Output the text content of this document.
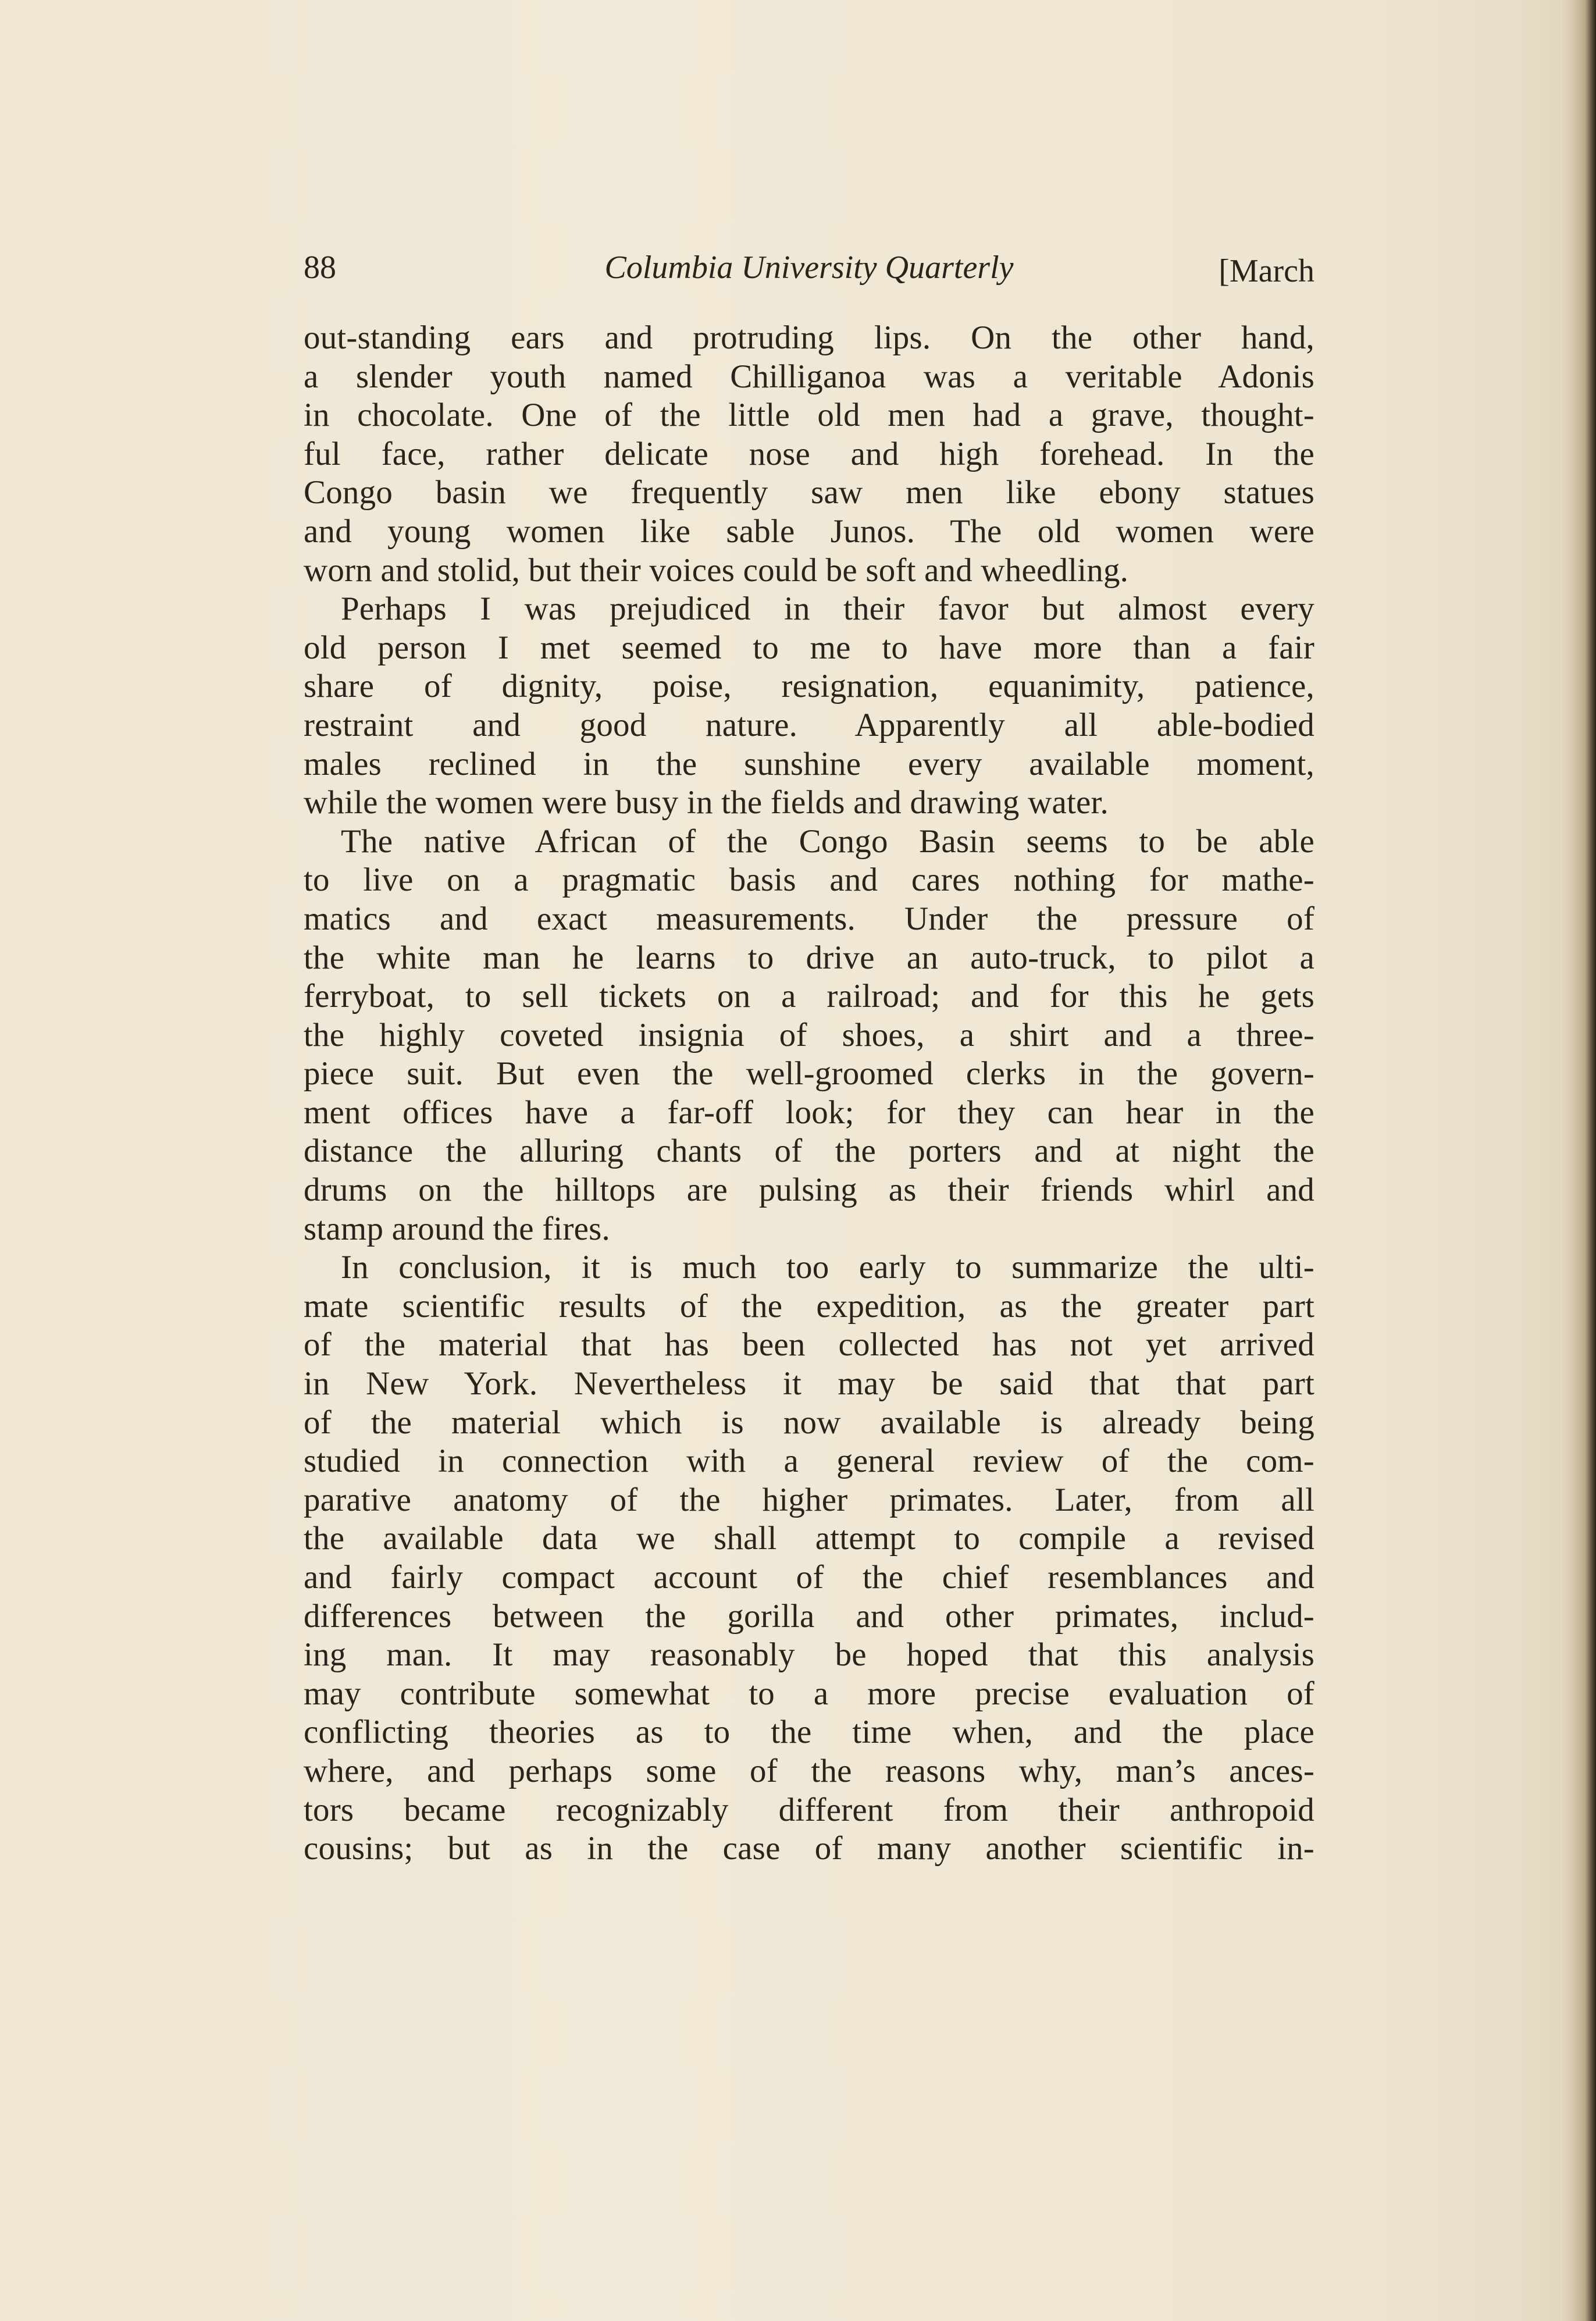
88	Columbia University Quarterly	[March
out-standing ears and protruding lips. On the other hand,
a slender youth named Chilliganoa was a veritable Adonis
in chocolate. One of the little old men had a grave, thought-
ful face, rather delicate nose and high forehead. In the
Congo basin we frequently saw men like ebony statues
and young women like sable Junos. The old women were
worn and stolid, but their voices could be soft and wheedling.
Perhaps I was prejudiced in their favor but almost every
old person I met seemed to me to have more than a fair
share of dignity, poise, resignation, equanimity, patience,
restraint and good nature. Apparently all able-bodied
males reclined in the sunshine every available moment,
while the women were busy in the fields and drawing water.
The native African of the Congo Basin seems to be able
to live on a pragmatic basis and cares nothing for mathe-
matics and exact measurements. Under the pressure of
the white man he learns to drive an auto-truck, to pilot a
ferryboat, to sell tickets on a railroad; and for this he gets
the highly coveted insignia of shoes, a shirt and a three-
piece suit. But even the well-groomed clerks in the govern-
ment offices have a far-off look; for they can hear in the
distance the alluring chants of the porters and at night the
drums on the hilltops are pulsing as their friends whirl and
stamp around the fires.
In conclusion, it is much too early to summarize the ulti-
mate scientific results of the expedition, as the greater part
of the material that has been collected has not yet arrived
in New York. Nevertheless it may be said that that part
of the material which is now available is already being
studied in connection with a general review of the com-
parative anatomy of the higher primates. Later, from all
the available data we shall attempt to compile a revised
and fairly compact account of the chief resemblances and
differences between the gorilla and other primates, includ-
ing man. It may reasonably be hoped that this analysis
may contribute somewhat to a more precise evaluation of
conflicting theories as to the time when, and the place
where, and perhaps some of the reasons why, man’s ances-
tors became recognizably different from their anthropoid
cousins; but as in the case of many another scientific in-
